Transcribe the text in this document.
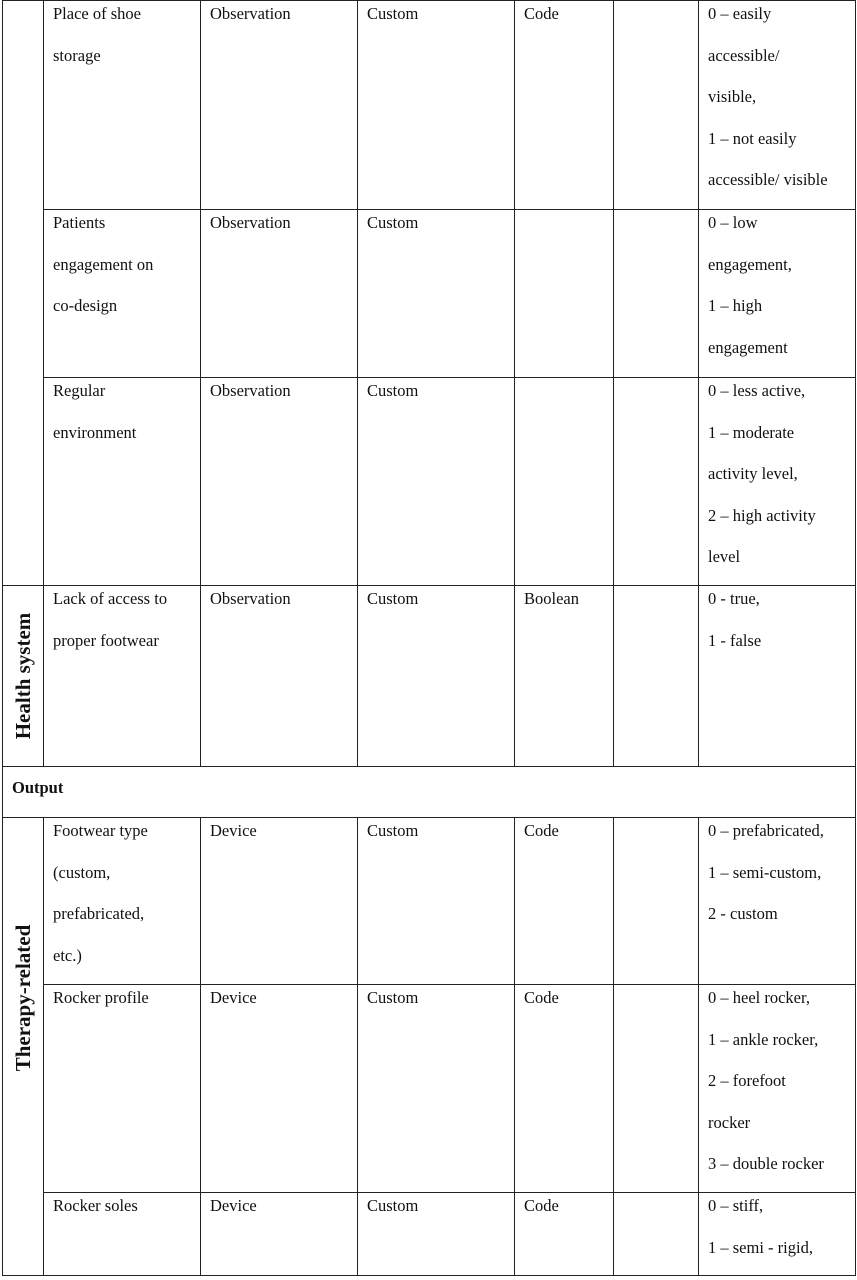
	Place of shoe
storage	Observation	Custom	Code		0 – easily
accessible/
visible,
1 – not easily
accessible/ visible

	Patients
engagement on
co-design	Observation	Custom			0 – low
engagement,
1 – high
engagement

	Regular
environment	Observation	Custom			0 – less active,
1 – moderate
activity level,
2 – high activity
level

Health system	Lack of access to
proper footwear	Observation	Custom	Boolean		0 - true,
1 - false

Output						

Therapy-related	Footwear type
(custom,
prefabricated,
etc.)	Device	Custom	Code		0 – prefabricated,
1 – semi-custom,
2 - custom

	Rocker profile	Device	Custom	Code		0 – heel rocker,
1 – ankle rocker,
2 – forefoot
rocker
3 – double rocker

	Rocker soles	Device	Custom	Code		0 – stiff,
1 – semi - rigid,
